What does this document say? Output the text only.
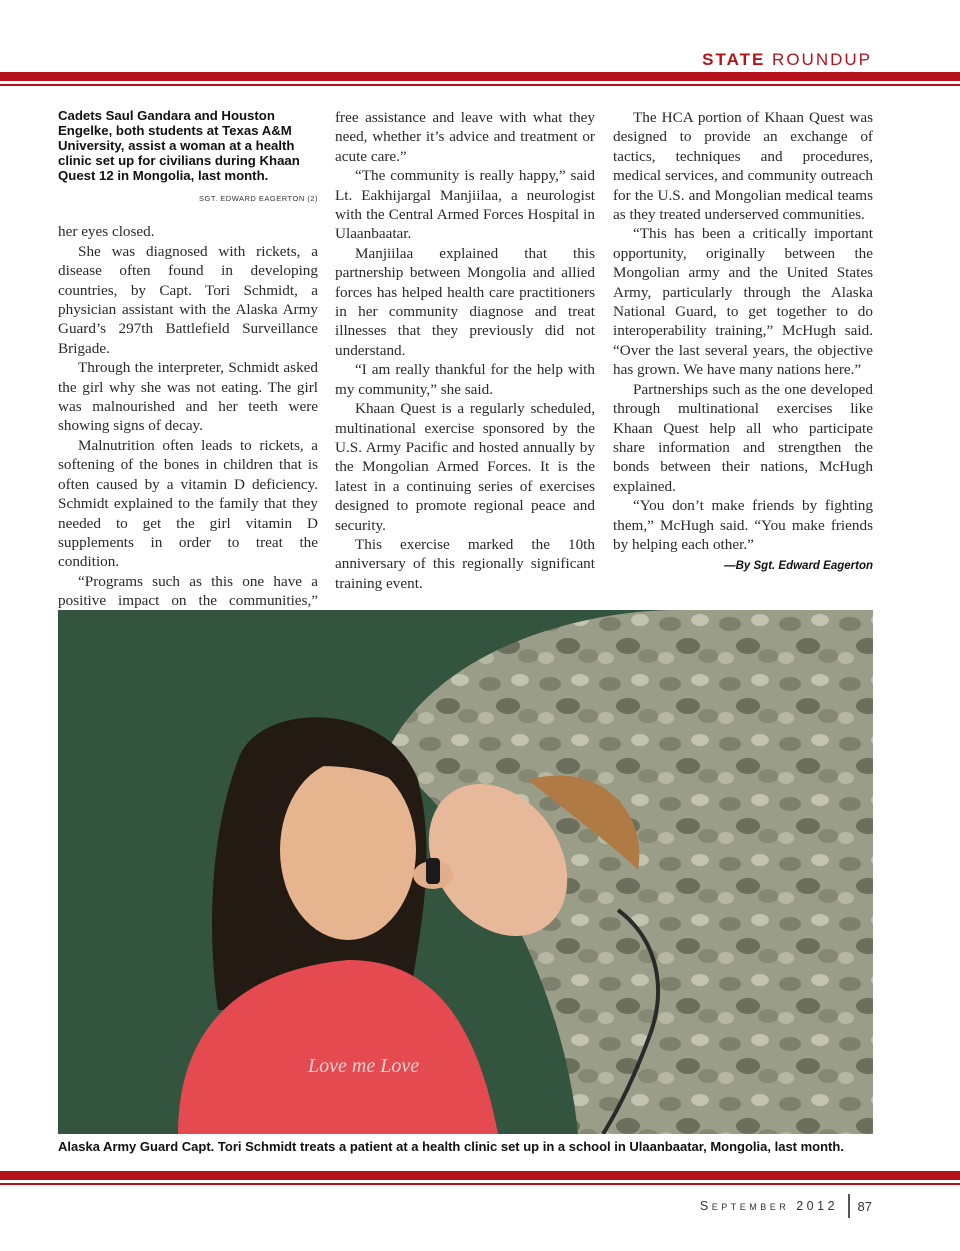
STATE ROUNDUP
Cadets Saul Gandara and Houston Engelke, both students at Texas A&M University, assist a woman at a health clinic set up for civilians during Khaan Quest 12 in Mongolia, last month.
SGT. EDWARD EAGERTON (2)

her eyes closed.

She was diagnosed with rickets, a disease often found in developing countries, by Capt. Tori Schmidt, a physician assistant with the Alaska Army Guard’s 297th Battlefield Surveillance Brigade.

Through the interpreter, Schmidt asked the girl why she was not eating. The girl was malnourished and her teeth were showing signs of decay.

Malnutrition often leads to rickets, a softening of the bones in children that is often caused by a vitamin D deficiency. Schmidt explained to the family that they needed to get the girl vitamin D supplements in order to treat the condition.

“Programs such as this one have a positive impact on the communities,”

free assistance and leave with what they need, whether it’s advice and treatment or acute care.”

“The community is really happy,” said Lt. Eakhijargal Manjiilaa, a neurologist with the Central Armed Forces Hospital in Ulaanbaatar.

Manjiilaa explained that this partnership between Mongolia and allied forces has helped health care practitioners in her community diagnose and treat illnesses that they previously did not understand.

“I am really thankful for the help with my community,” she said.

Khaan Quest is a regularly scheduled, multinational exercise sponsored by the U.S. Army Pacific and hosted annually by the Mongolian Armed Forces. It is the latest in a continuing series of exercises designed to promote regional peace and security.

This exercise marked the 10th anniversary of this regionally significant training event.

The HCA portion of Khaan Quest was designed to provide an exchange of tactics, techniques and procedures, medical services, and community outreach for the U.S. and Mongolian medical teams as they treated underserved communities.

“This has been a critically important opportunity, originally between the Mongolian army and the United States Army, particularly through the Alaska National Guard, to get together to do interoperability training,” McHugh said. “Over the last several years, the objective has grown. We have many nations here.”

Partnerships such as the one developed through multinational exercises like Khaan Quest help all who participate share information and strengthen the bonds between their nations, McHugh explained.

“You don’t make friends by fighting them,” McHugh said. “You make friends by helping each other.”

—By Sgt. Edward Eagerton
Love me Love
Alaska Army Guard Capt. Tori Schmidt treats a patient at a health clinic set up in a school in Ulaanbaatar, Mongolia, last month.
September 2012 87
